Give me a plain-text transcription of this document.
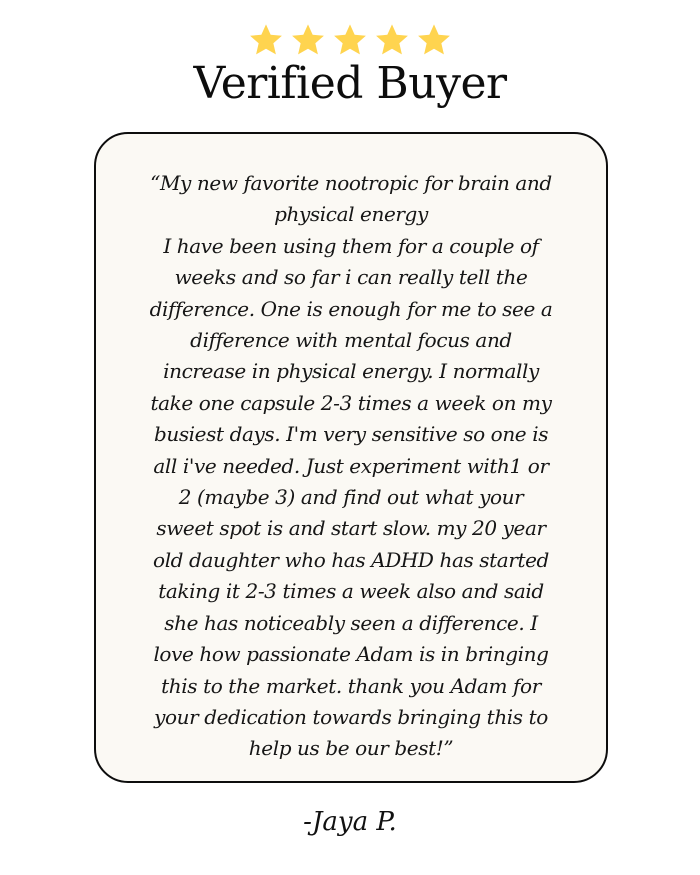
Verified Buyer

“My new favorite nootropic for brain and
physical energy
I have been using them for a couple of
weeks and so far i can really tell the
difference. One is enough for me to see a
difference with mental focus and
increase in physical energy. I normally
take one capsule 2-3 times a week on my
busiest days. I'm very sensitive so one is
all i've needed. Just experiment with1 or
2 (maybe 3) and find out what your
sweet spot is and start slow. my 20 year
old daughter who has ADHD has started
taking it 2-3 times a week also and said
she has noticeably seen a difference. I
love how passionate Adam is in bringing
this to the market. thank you Adam for
your dedication towards bringing this to
help us be our best!”

-Jaya P.
